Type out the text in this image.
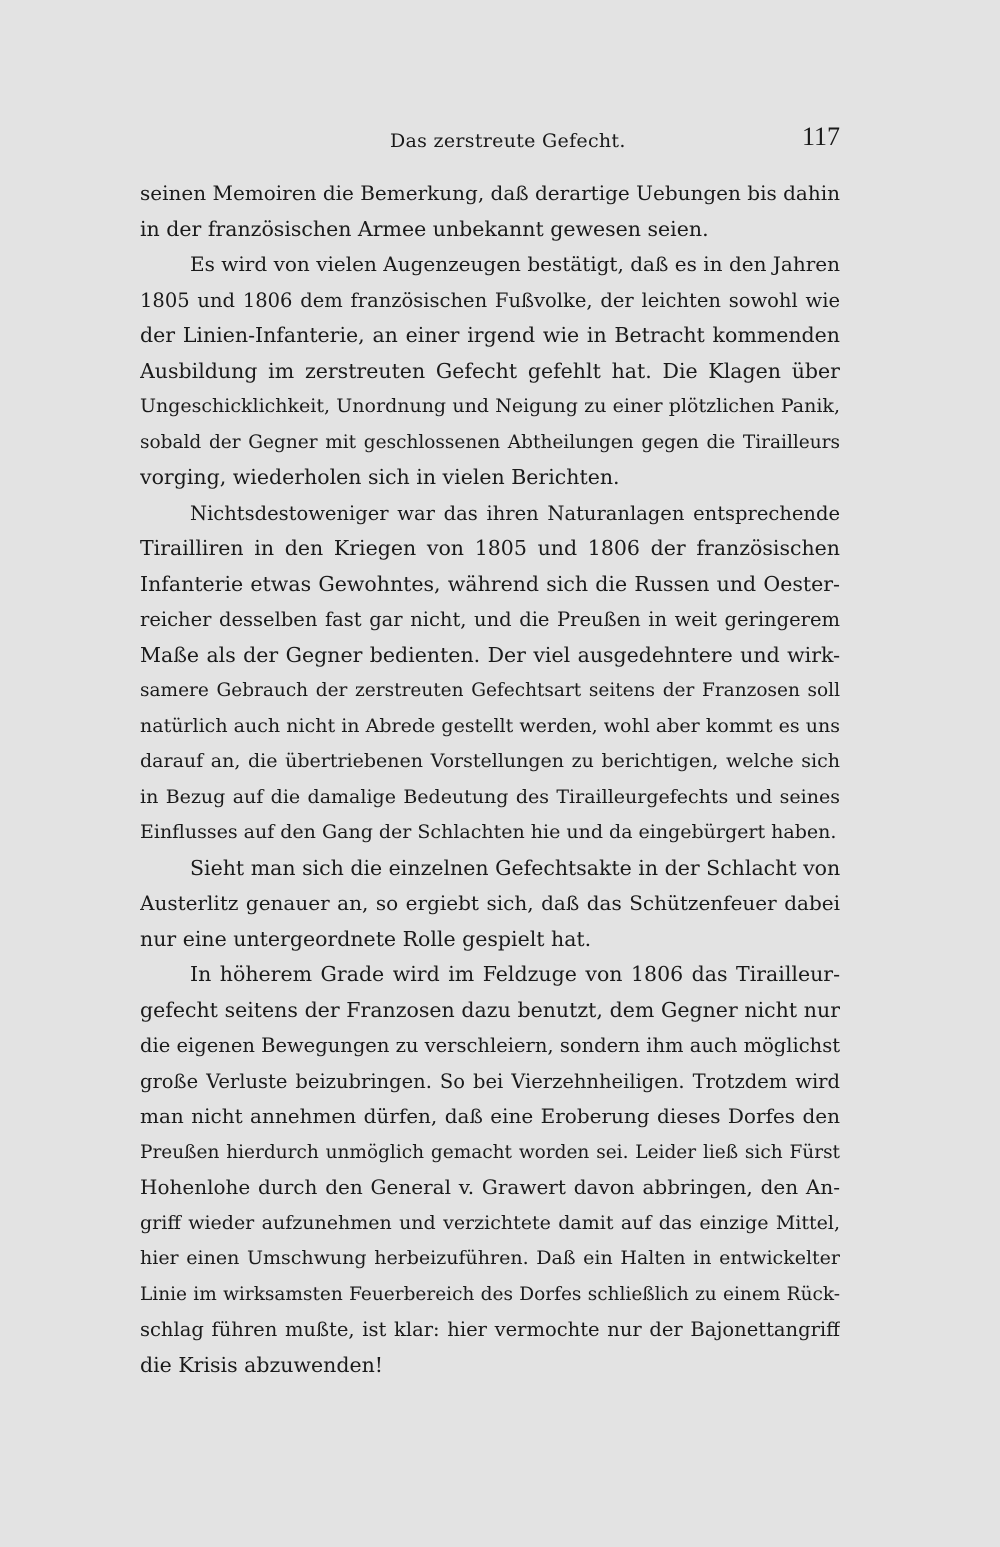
Das zerstreute Gefecht.	117
seinen Memoiren die Bemerkung, daß derartige Uebungen bis dahin
in der französischen Armee unbekannt gewesen seien.
Es wird von vielen Augenzeugen bestätigt, daß es in den Jahren
1805 und 1806 dem französischen Fußvolke, der leichten sowohl wie
der Linien-Infanterie, an einer irgend wie in Betracht kommenden
Ausbildung im zerstreuten Gefecht gefehlt hat. Die Klagen über
Ungeschicklichkeit, Unordnung und Neigung zu einer plötzlichen Panik,
sobald der Gegner mit geschlossenen Abtheilungen gegen die Tirailleurs
vorging, wiederholen sich in vielen Berichten.
Nichtsdestoweniger war das ihren Naturanlagen entsprechende
Tirailliren in den Kriegen von 1805 und 1806 der französischen
Infanterie etwas Gewohntes, während sich die Russen und Oester-
reicher desselben fast gar nicht, und die Preußen in weit geringerem
Maße als der Gegner bedienten. Der viel ausgedehntere und wirk-
samere Gebrauch der zerstreuten Gefechtsart seitens der Franzosen soll
natürlich auch nicht in Abrede gestellt werden, wohl aber kommt es uns
darauf an, die übertriebenen Vorstellungen zu berichtigen, welche sich
in Bezug auf die damalige Bedeutung des Tirailleurgefechts und seines
Einflusses auf den Gang der Schlachten hie und da eingebürgert haben.
Sieht man sich die einzelnen Gefechtsakte in der Schlacht von
Austerlitz genauer an, so ergiebt sich, daß das Schützenfeuer dabei
nur eine untergeordnete Rolle gespielt hat.
In höherem Grade wird im Feldzuge von 1806 das Tirailleur-
gefecht seitens der Franzosen dazu benutzt, dem Gegner nicht nur
die eigenen Bewegungen zu verschleiern, sondern ihm auch möglichst
große Verluste beizubringen. So bei Vierzehnheiligen. Trotzdem wird
man nicht annehmen dürfen, daß eine Eroberung dieses Dorfes den
Preußen hierdurch unmöglich gemacht worden sei. Leider ließ sich Fürst
Hohenlohe durch den General v. Grawert davon abbringen, den An-
griff wieder aufzunehmen und verzichtete damit auf das einzige Mittel,
hier einen Umschwung herbeizuführen. Daß ein Halten in entwickelter
Linie im wirksamsten Feuerbereich des Dorfes schließlich zu einem Rück-
schlag führen mußte, ist klar: hier vermochte nur der Bajonettangriff
die Krisis abzuwenden!
